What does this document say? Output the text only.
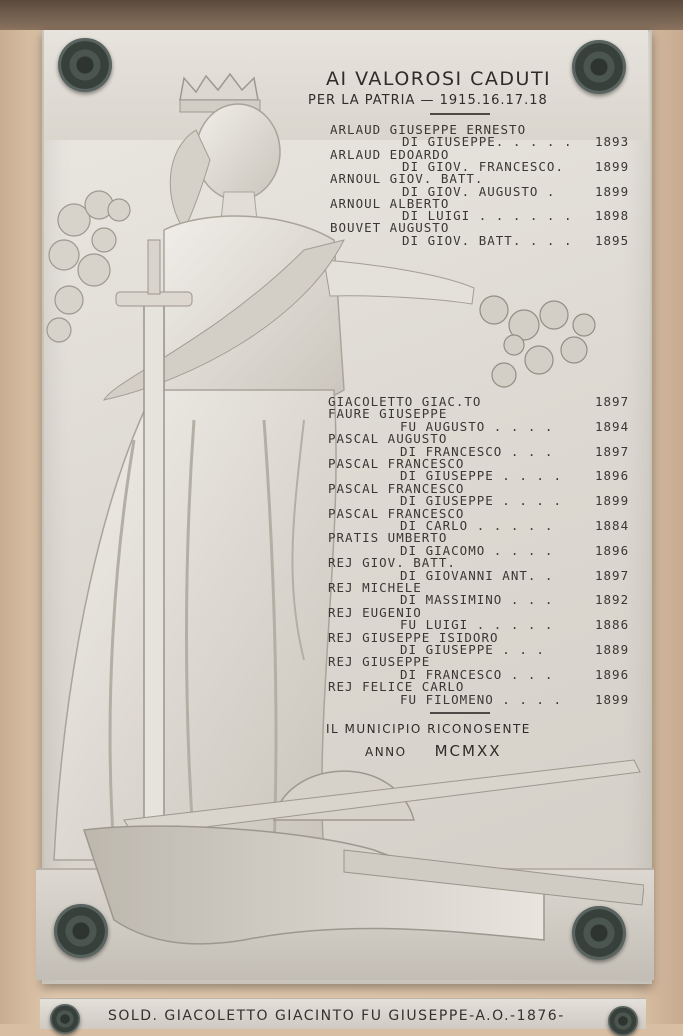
AI VALOROSI CADUTI
PER LA PATRIA — 1915.16.17.18
ARLAUD GIUSEPPE ERNESTO
DI GIUSEPPE. . . . . 1893
ARLAUD EDOARDO
DI GIOV. FRANCESCO. 1899
ARNOUL GIOV. BATT.
DI GIOV. AUGUSTO .	1899
ARNOUL ALBERTO
DI LUIGI . . . . . . 1898
BOUVET AUGUSTO
DI GIOV. BATT. . . . 1895
GIACOLETTO GIAC.TO	1897
FAURE GIUSEPPE
FU AUGUSTO . . . .	1894
PASCAL AUGUSTO
DI FRANCESCO . . .	1897
PASCAL FRANCESCO
DI GIUSEPPE . . . .	1896
PASCAL FRANCESCO
DI GIUSEPPE . . . .	1899
PASCAL FRANCESCO
DI CARLO . . . . .	1884
PRATIS UMBERTO
DI GIACOMO . . . .	1896
REJ GIOV. BATT.
DI GIOVANNI ANT. .	1897
REJ MICHELE
DI MASSIMINO . . .	1892
REJ EUGENIO
FU LUIGI . . . . .	1886
REJ GIUSEPPE ISIDORO
DI GIUSEPPE . . .	1889
REJ GIUSEPPE
DI FRANCESCO . . .	1896
REJ FELICE CARLO
FU FILOMENO . . . .	1899
IL MUNICIPIO RICONOSENTE
ANNO MCMXX
SOLD. GIACOLETTO GIACINTO FU GIUSEPPE-A.O.-1876-
